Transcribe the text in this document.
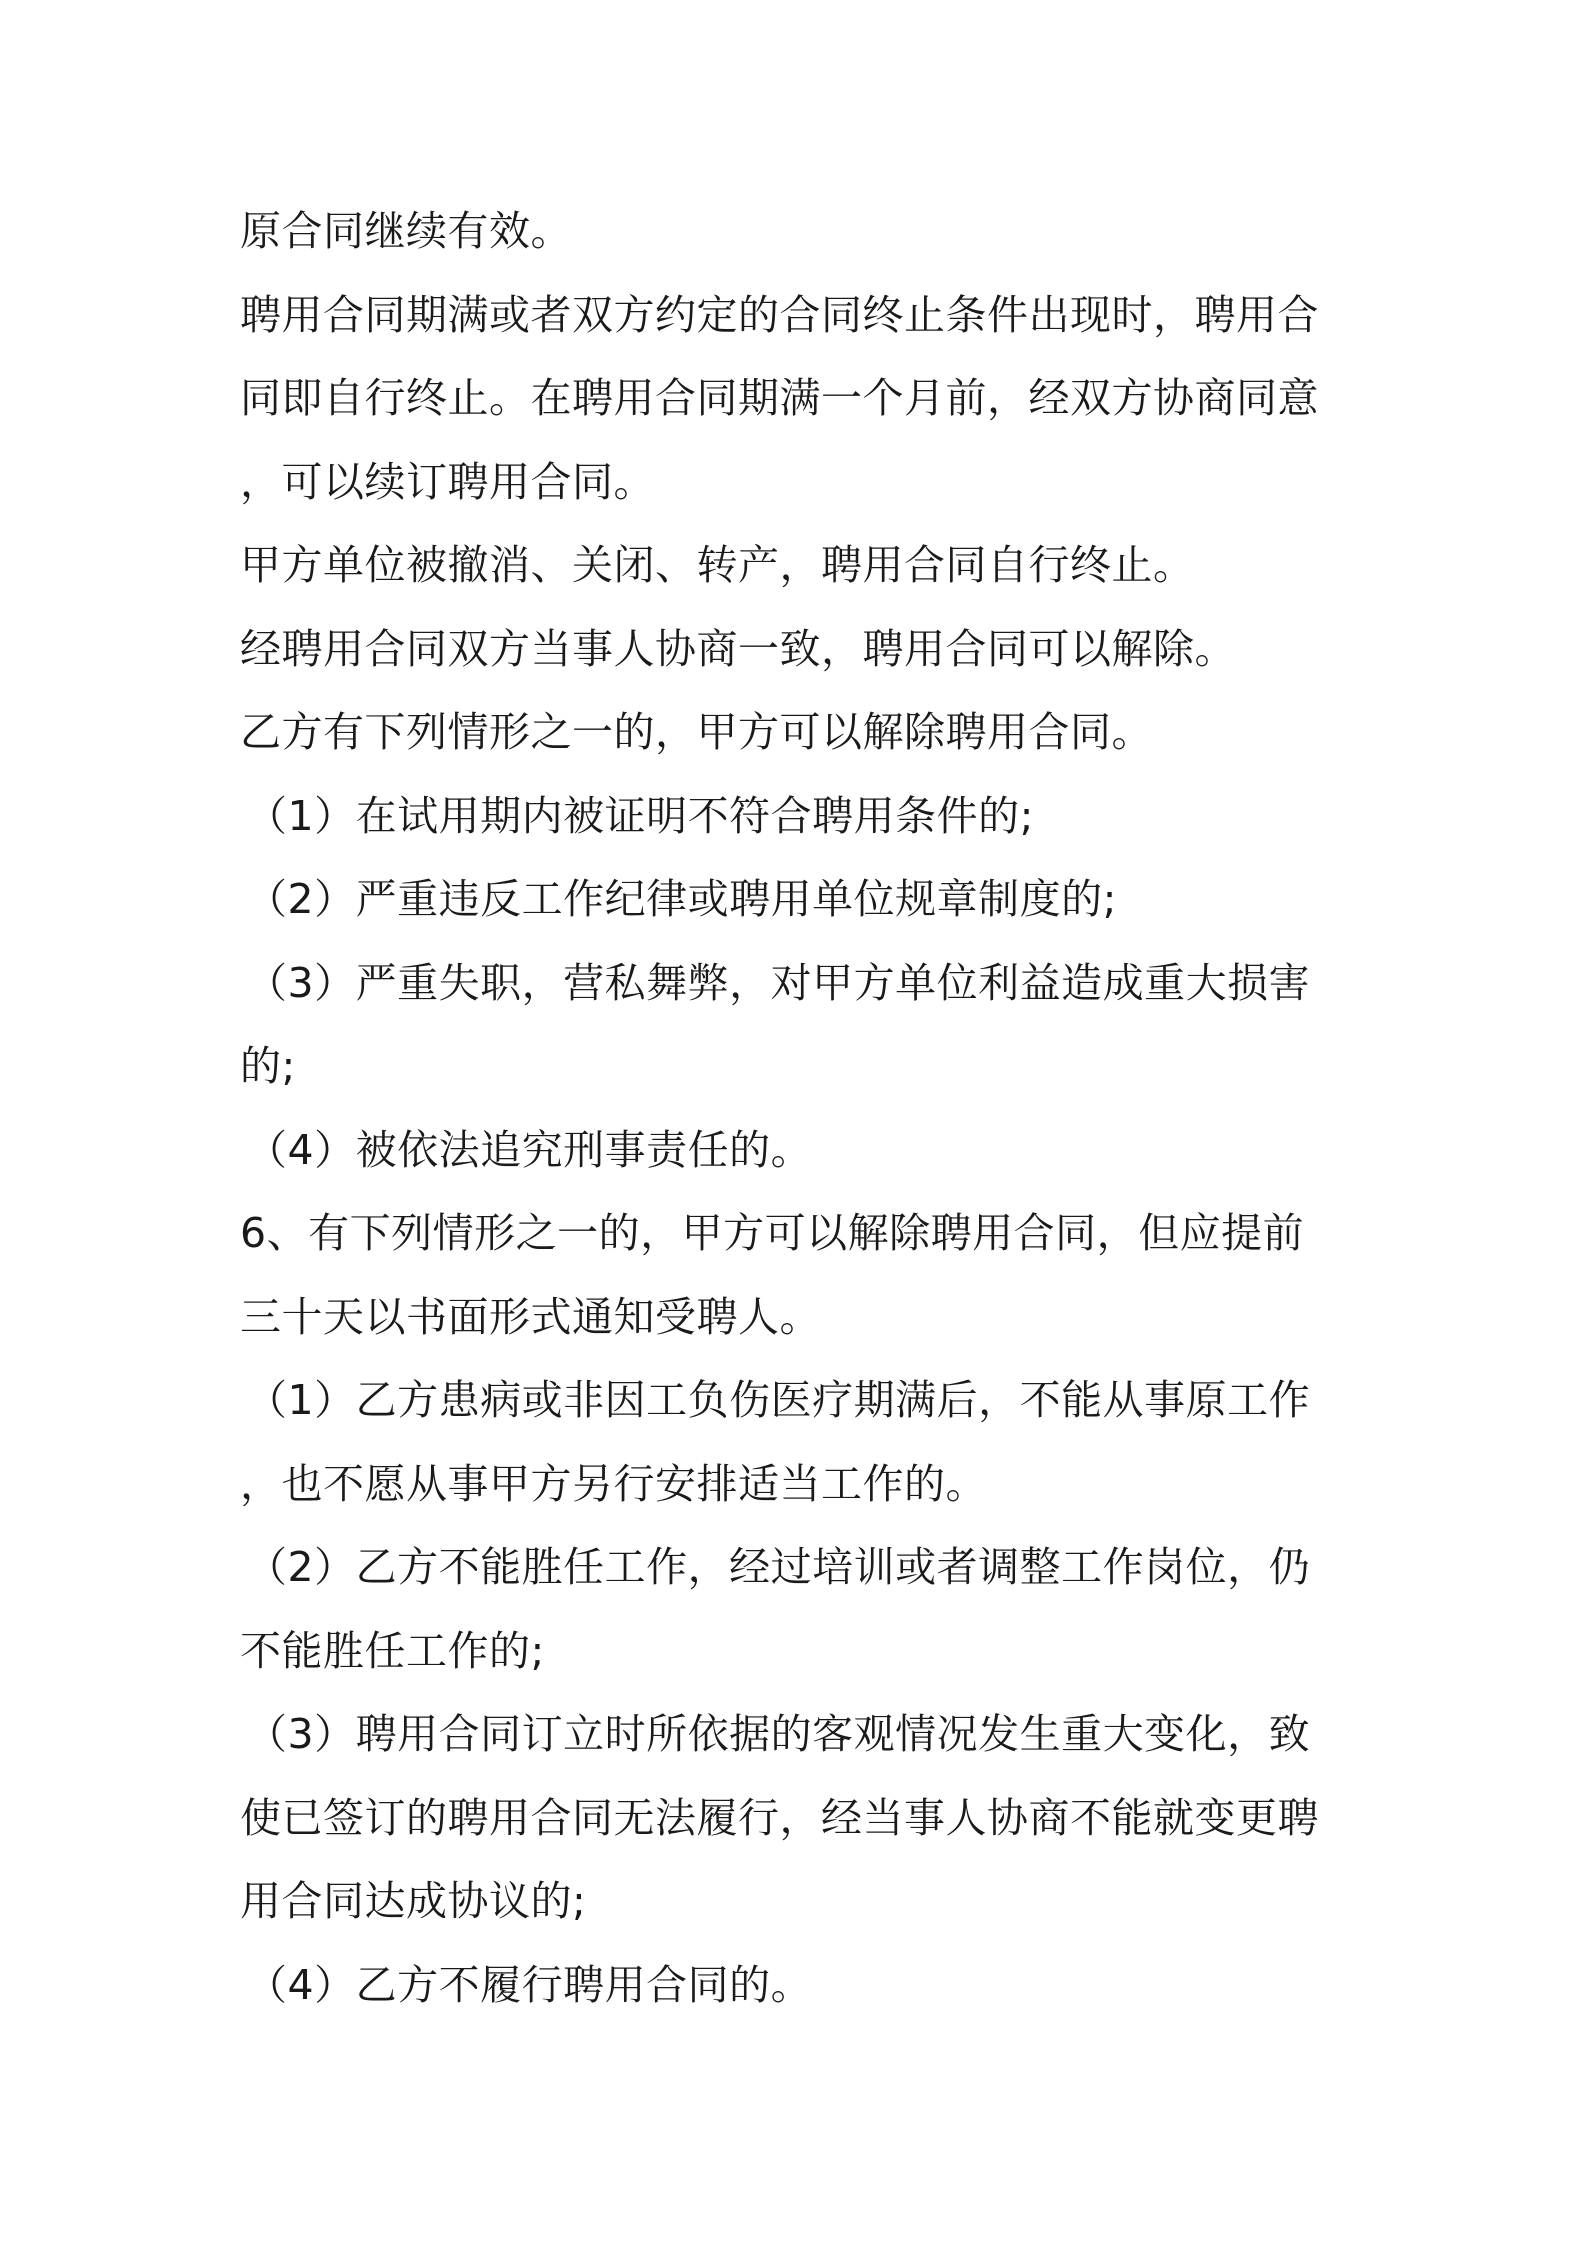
原合同继续有效。
聘用合同期满或者双方约定的合同终止条件出现时，聘用合
同即自行终止。在聘用合同期满一个月前，经双方协商同意
，可以续订聘用合同。
甲方单位被撤消、关闭、转产，聘用合同自行终止。
经聘用合同双方当事人协商一致，聘用合同可以解除。
乙方有下列情形之一的，甲方可以解除聘用合同。
（1）在试用期内被证明不符合聘用条件的;
（2）严重违反工作纪律或聘用单位规章制度的;
（3）严重失职，营私舞弊，对甲方单位利益造成重大损害
的;
（4）被依法追究刑事责任的。
6、有下列情形之一的，甲方可以解除聘用合同，但应提前
三十天以书面形式通知受聘人。
（1）乙方患病或非因工负伤医疗期满后，不能从事原工作
，也不愿从事甲方另行安排适当工作的。
（2）乙方不能胜任工作，经过培训或者调整工作岗位，仍
不能胜任工作的;
（3）聘用合同订立时所依据的客观情况发生重大变化，致
使已签订的聘用合同无法履行，经当事人协商不能就变更聘
用合同达成协议的;
（4）乙方不履行聘用合同的。
